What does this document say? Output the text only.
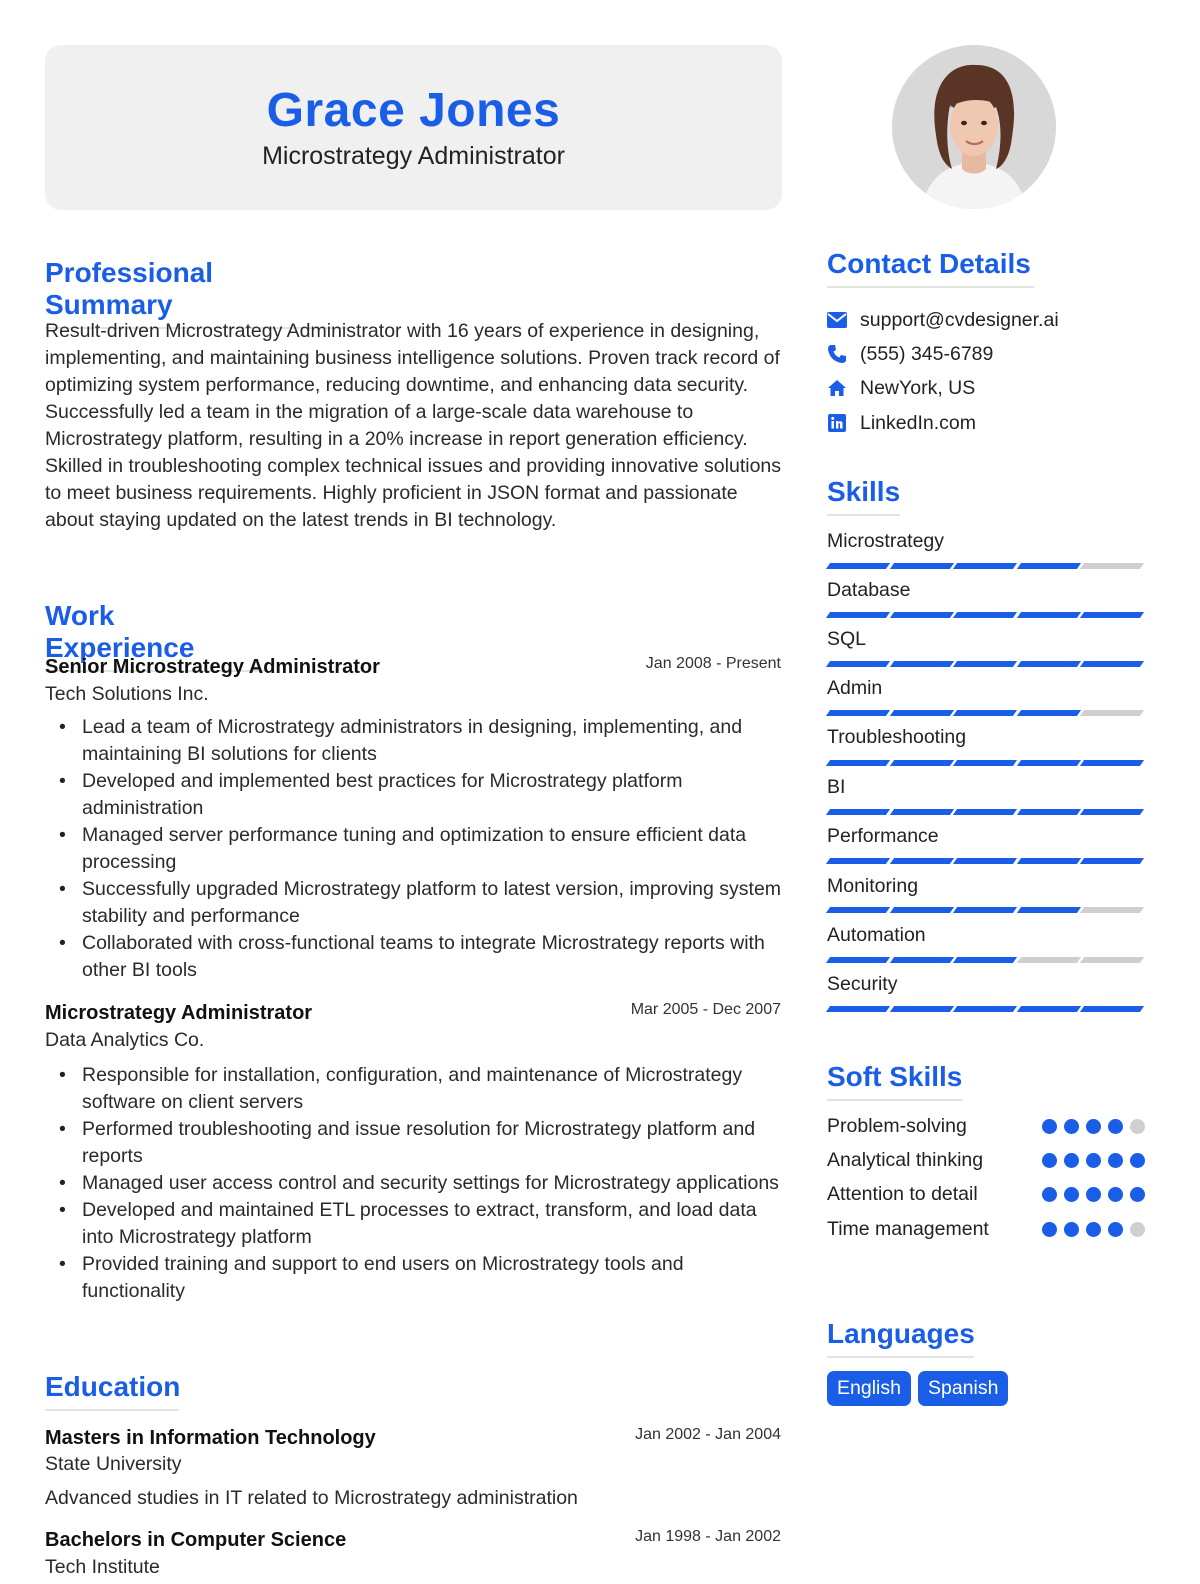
Grace Jones
Microstrategy Administrator
Professional Summary

Result-driven Microstrategy Administrator with 16 years of experience in designing, implementing, and maintaining business intelligence solutions. Proven track record of optimizing system performance, reducing downtime, and enhancing data security. Successfully led a team in the migration of a large-scale data warehouse to Microstrategy platform, resulting in a 20% increase in report generation efficiency. Skilled in troubleshooting complex technical issues and providing innovative solutions to meet business requirements. Highly proficient in JSON format and passionate about staying updated on the latest trends in BI technology.

Work Experience
Senior Microstrategy Administrator	Jan 2008 - Present
Tech Solutions Inc.
• Lead a team of Microstrategy administrators in designing, implementing, and maintaining BI solutions for clients
• Developed and implemented best practices for Microstrategy platform administration
• Managed server performance tuning and optimization to ensure efficient data processing
• Successfully upgraded Microstrategy platform to latest version, improving system stability and performance
• Collaborated with cross-functional teams to integrate Microstrategy reports with other BI tools
Microstrategy Administrator	Mar 2005 - Dec 2007
Data Analytics Co.
• Responsible for installation, configuration, and maintenance of Microstrategy software on client servers
• Performed troubleshooting and issue resolution for Microstrategy platform and reports
• Managed user access control and security settings for Microstrategy applications
• Developed and maintained ETL processes to extract, transform, and load data into Microstrategy platform
• Provided training and support to end users on Microstrategy tools and functionality
Education
Masters in Information Technology	Jan 2002 - Jan 2004
State University
Advanced studies in IT related to Microstrategy administration
Bachelors in Computer Science	Jan 1998 - Jan 2002
Tech Institute
Contact Details
support@cvdesigner.ai
(555) 345-6789
NewYork, US
LinkedIn.com
Skills
Microstrategy
Database
SQL
Admin
Troubleshooting
BI
Performance
Monitoring
Automation
Security
Soft Skills
Problem-solving
Analytical thinking
Attention to detail
Time management
Languages
English	Spanish
